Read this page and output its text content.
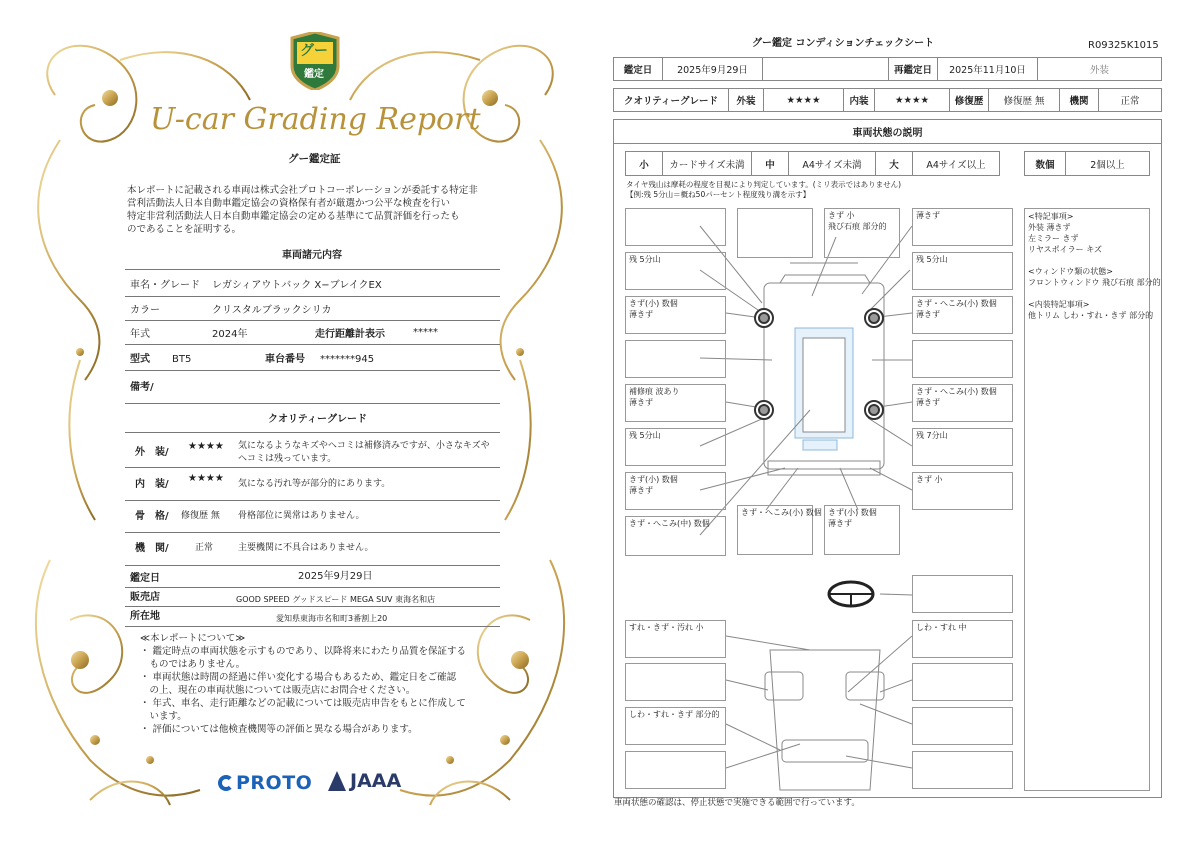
グー
鑑定
U-car Grading Report
グー鑑定証
本レポートに記載される車両は株式会社プロトコーポレーションが委託する特定非
営利活動法人日本自動車鑑定協会の資格保有者が厳選かつ公平な検査を行い
特定非営利活動法人日本自動車鑑定協会の定める基準にて品質評価を行ったも
のであることを証明する。
車両諸元内容
車名・グレード レガシィアウトバック X−ブレイクEX
カラー	クリスタルブラックシリカ
年式	2024年	走行距離計表示	*****
型式 BT5	車台番号 *******945
備考/
クオリティーグレード
外　装/
★★★★ 気になるようなキズやヘコミは補修済みですが、小さなキズや
ヘコミは残っています。
内　装/
★★★★ 気になる汚れ等が部分的にあります。
骨　格/ 修復歴 無 骨格部位に異常はありません。
機　関/	正常	主要機関に不具合はありません。
鑑定日	2025年9月29日
販売店	GOOD SPEED グッドスピード MEGA SUV 東海名和店
所在地	愛知県東海市名和町3番割上20
≪本レポートについて≫
・ 鑑定時点の車両状態を示すものであり、以降将来にわたり品質を保証する
　ものではありません。
・ 車両状態は時間の経過に伴い変化する場合もあるため、鑑定日をご確認
　の上、現在の車両状態については販売店にお問合せください。
・ 年式、車名、走行距離などの記載については販売店申告をもとに作成して
　います。
・ 評価については他検査機関等の評価と異なる場合があります。
PROTO JAAA
グー鑑定 コンディションチェックシート	R09325K1015
鑑定日	2025年9月29日	再鑑定日	2025年11月10日	外装
クオリティーグレード	外装	★★★★	内装	★★★★	修復歴	修復歴 無	機関	正常
車両状態の説明
小	カードサイズ未満	中	A4サイズ未満	大	A4サイズ以上	数個	2個以上
タイヤ残山は摩耗の程度を目視により判定しています。(ミリ表示ではありません)
【例:残 5分山＝概ね50パーセント程度残り溝を示す】
きず 小
飛び石痕 部分的
薄きず
残 5分山	残 5分山
きず(小) 数個
薄きず
きず・へこみ(小) 数個
薄きず
補修痕 波あり
薄きず
きず・へこみ(小) 数個
薄きず
残 5分山	残 7分山
きず(小) 数個
薄きず
きず 小
きず・へこみ(中) 数個
きず・へこみ(小) 数個 きず(小) 数個
薄きず
すれ・きず・汚れ 小	しわ・すれ 中
しわ・すれ・きず 部分的
<特記事項>
外装 薄きず
左ミラー きず
リヤスポイラー キズ
<ウィンドウ類の状態>
フロントウィンドウ 飛び石痕 部分的
<内装特記事項>
他トリム しわ・すれ・きず 部分的
車両状態の確認は、停止状態で実施できる範囲で行っています。
